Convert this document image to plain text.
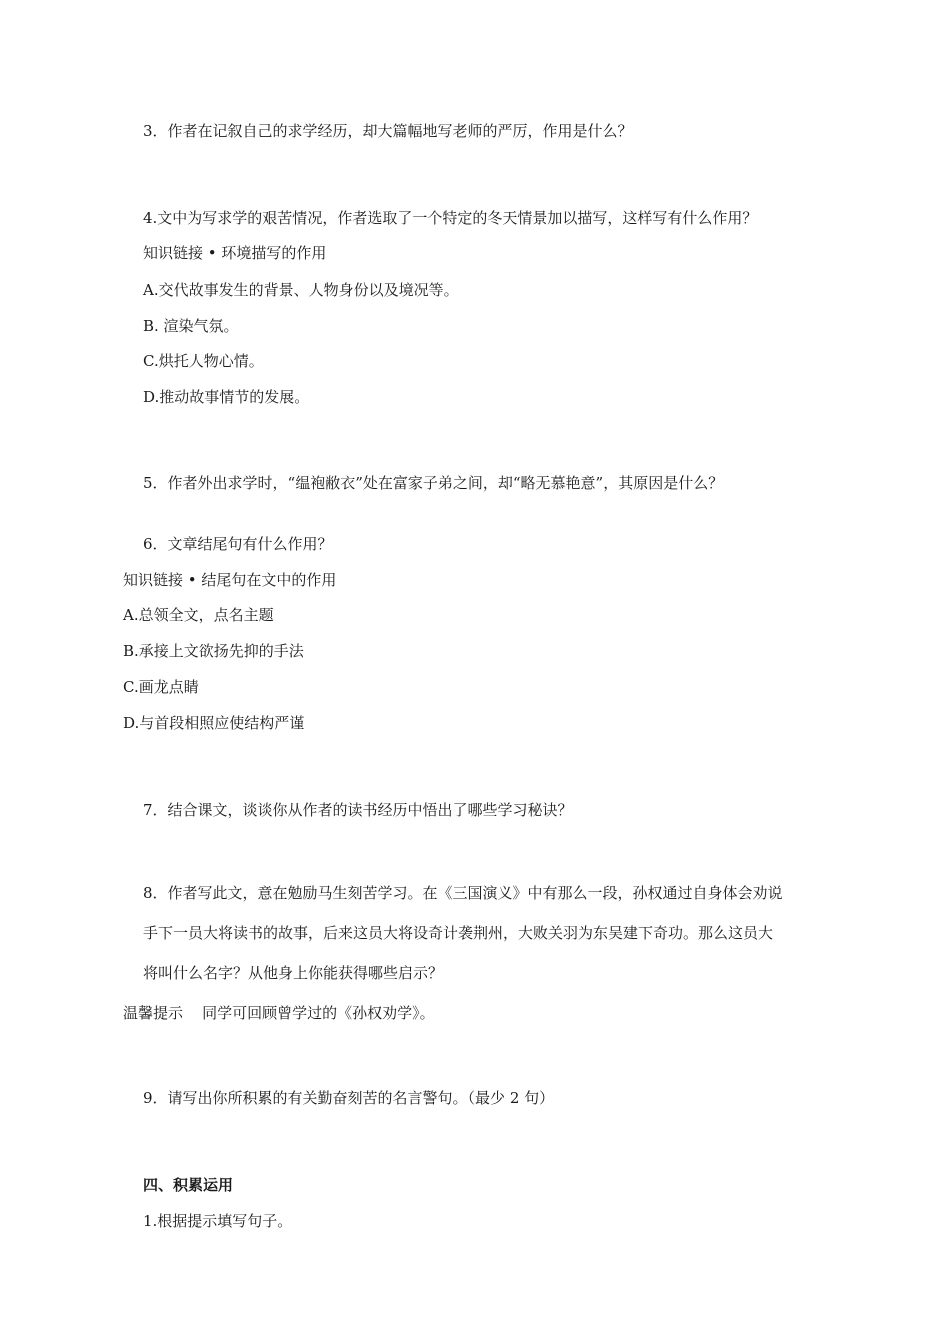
3．作者在记叙自己的求学经历，却大篇幅地写老师的严厉，作用是什么？
4.文中为写求学的艰苦情况，作者选取了一个特定的冬天情景加以描写，这样写有什么作用？
知识链接 • 环境描写的作用
A.交代故事发生的背景、人物身份以及境况等。
B. 渲染气氛。
C.烘托人物心情。
D.推动故事情节的发展。
5．作者外出求学时，“缊袍敝衣”处在富家子弟之间，却“略无慕艳意”，其原因是什么？
6．文章结尾句有什么作用？
知识链接 • 结尾句在文中的作用
A.总领全文，点名主题
B.承接上文欲扬先抑的手法
C.画龙点睛
D.与首段相照应使结构严谨
7．结合课文，谈谈你从作者的读书经历中悟出了哪些学习秘诀？
8．作者写此文，意在勉励马生刻苦学习。在《三国演义》中有那么一段，孙权通过自身体会劝说
手下一员大将读书的故事，后来这员大将设奇计袭荆州，大败关羽为东吴建下奇功。那么这员大
将叫什么名字？从他身上你能获得哪些启示？
温馨提示    同学可回顾曾学过的《孙权劝学》。
9．请写出你所积累的有关勤奋刻苦的名言警句。（最少 2 句）
四、积累运用
1.根据提示填写句子。
